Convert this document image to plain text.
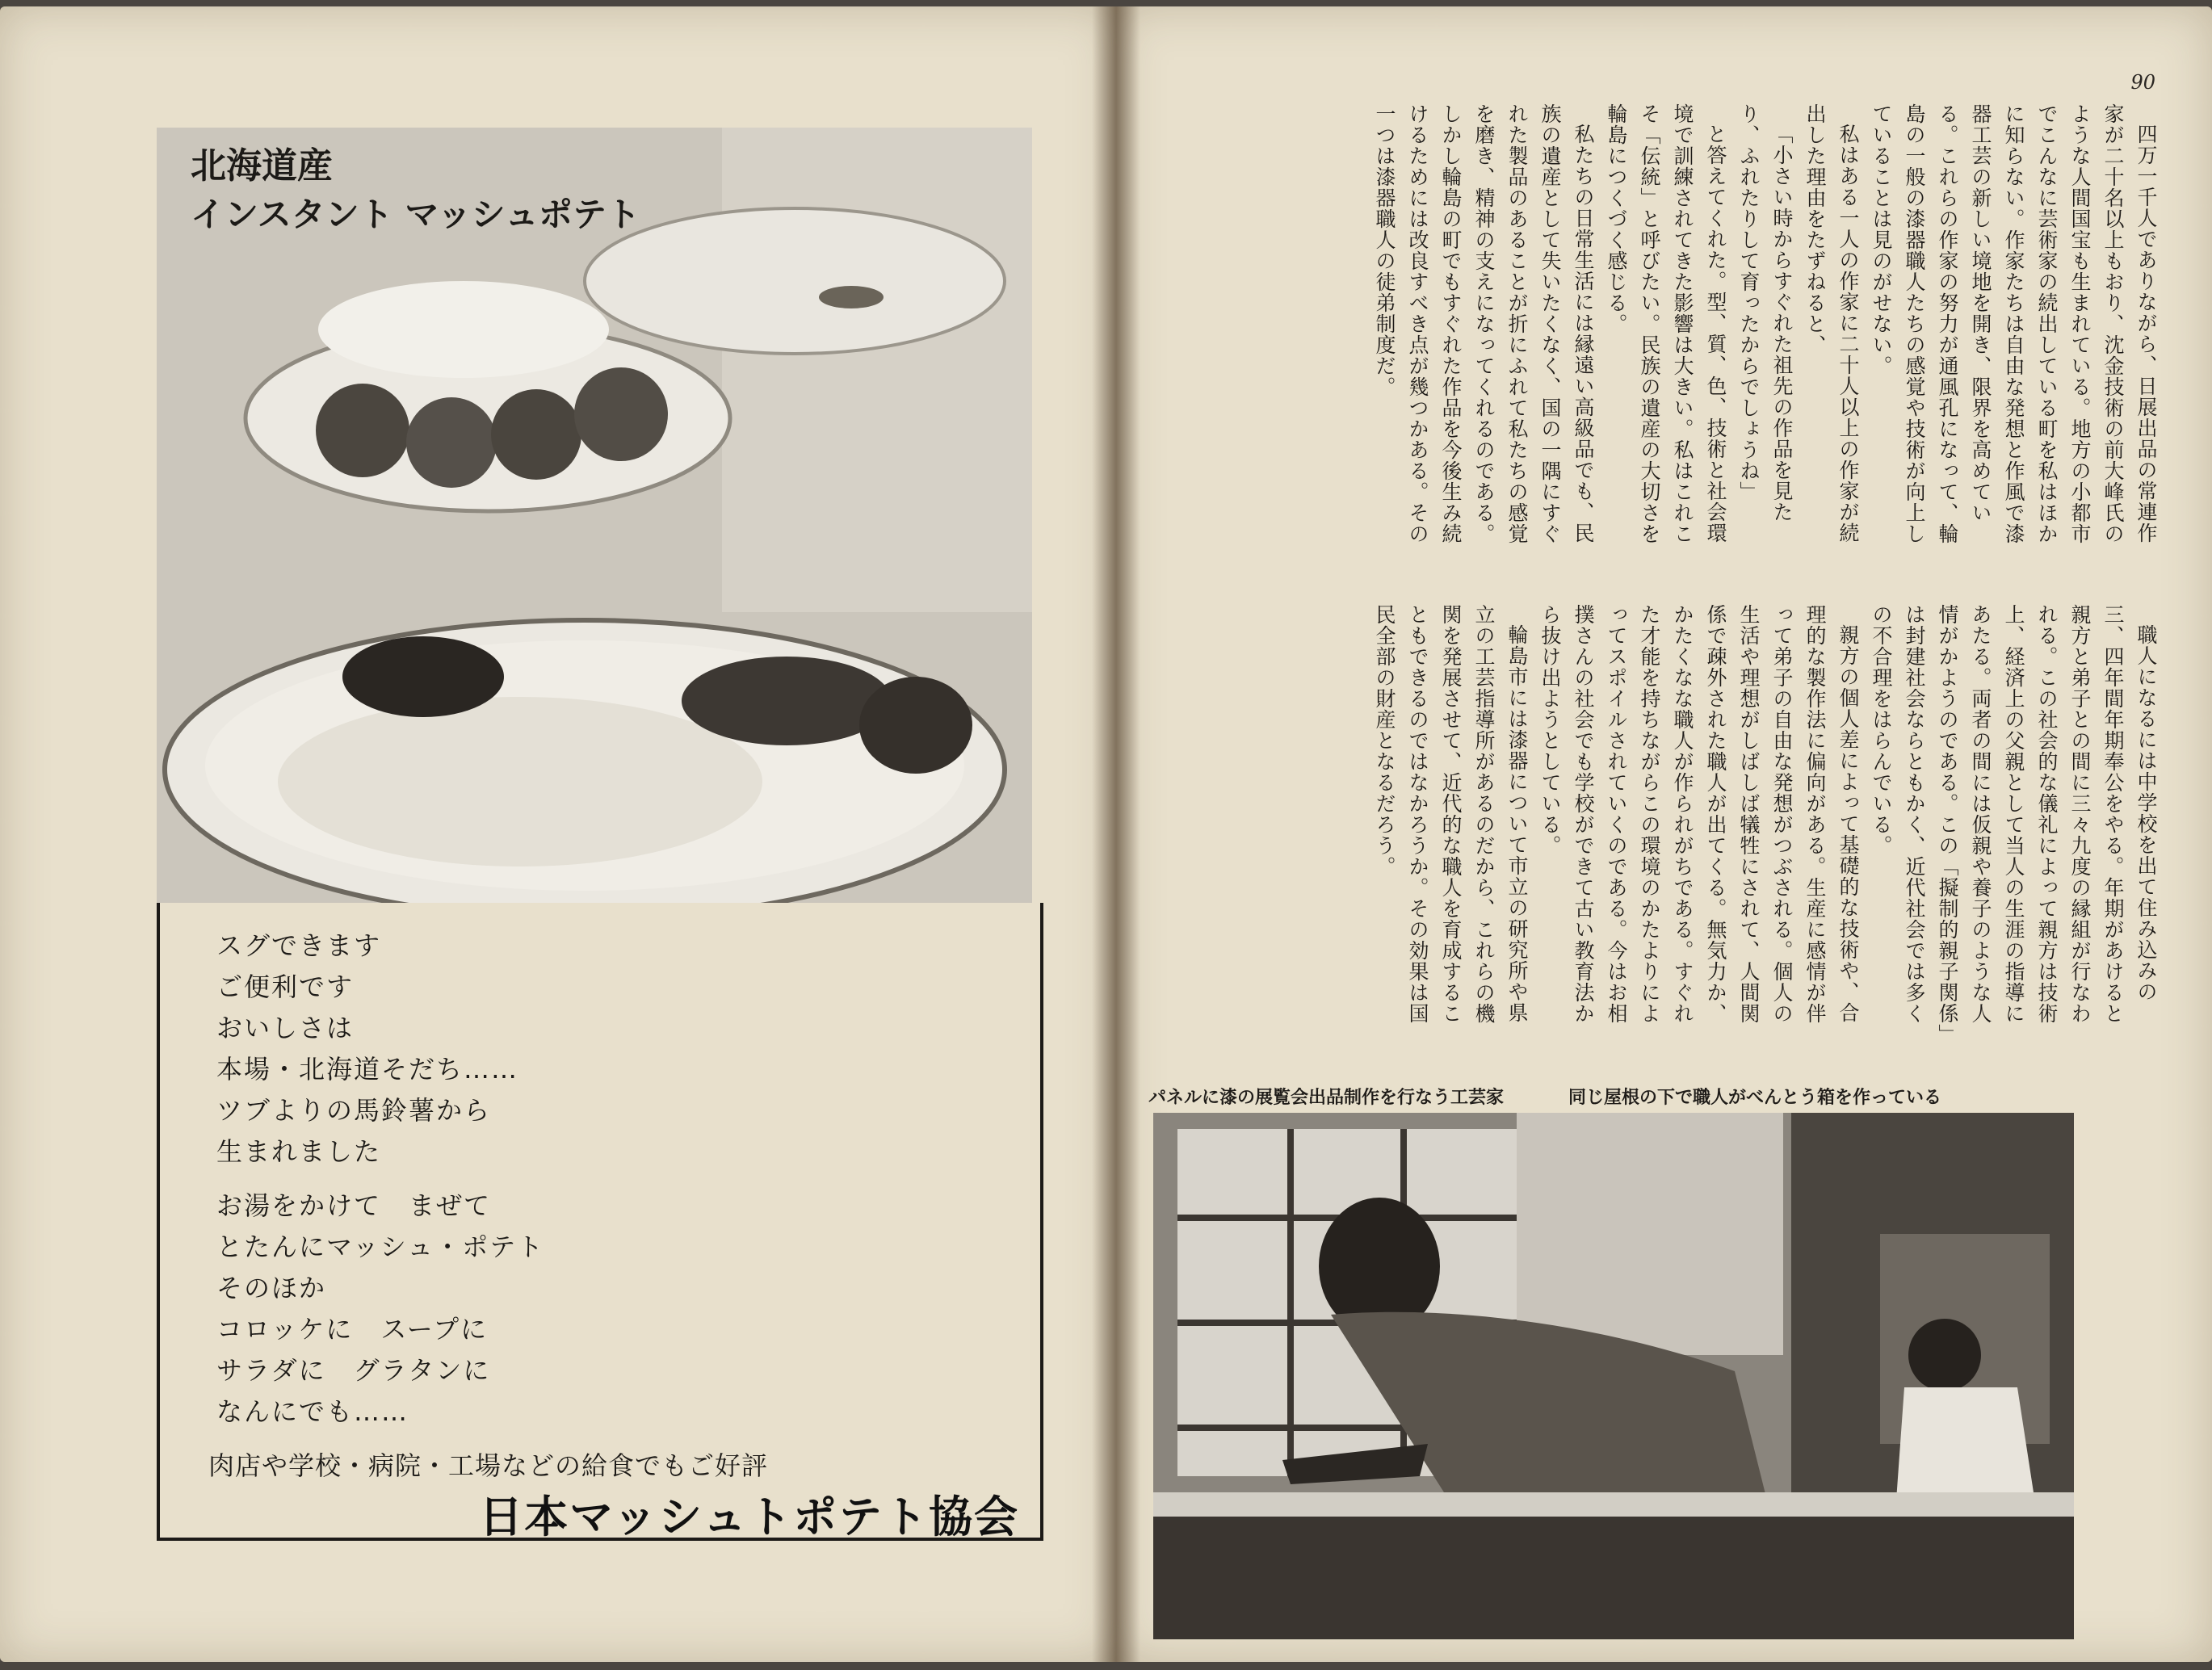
北海道産
インスタント マッシュポテト
スグできます
ご便利です
おいしさは
本場・北海道そだち……
ツブよりの馬鈴薯から
生まれました
お湯をかけて　まぜて
とたんにマッシュ・ポテト
そのほか
コロッケに　スープに
サラダに　グラタンに
なんにでも……
肉店や学校・病院・工場などの給食でもご好評
日本マッシュトポテト協会
90

四万一千人でありながら、日展出品の常連作家が二十名以上もおり、沈金技術の前大峰氏のような人間国宝も生まれている。地方の小都市でこんなに芸術家の続出している町を私はほかに知らない。作家たちは自由な発想と作風で漆器工芸の新しい境地を開き、限界を高めている。これらの作家の努力が通風孔になって、輪島の一般の漆器職人たちの感覚や技術が向上していることは見のがせない。

私はある一人の作家に二十人以上の作家が続出した理由をたずねると、

「小さい時からすぐれた祖先の作品を見たり、ふれたりして育ったからでしょうね」

と答えてくれた。型、質、色、技術と社会環境で訓練されてきた影響は大きい。私はこれこそ「伝統」と呼びたい。民族の遺産の大切さを輪島につくづく感じる。

私たちの日常生活には縁遠い高級品でも、民族の遺産として失いたくなく、国の一隅にすぐれた製品のあることが折にふれて私たちの感覚を磨き、精神の支えになってくれるのである。しかし輪島の町でもすぐれた作品を今後生み続けるためには改良すべき点が幾つかある。その一つは漆器職人の徒弟制度だ。

職人になるには中学校を出て住み込みの三、四年間年期奉公をやる。年期があけると親方と弟子との間に三々九度の縁組が行なわれる。この社会的な儀礼によって親方は技術上、経済上の父親として当人の生涯の指導にあたる。両者の間には仮親や養子のような人情がかようのである。この「擬制的親子関係」は封建社会ならともかく、近代社会では多くの不合理をはらんでいる。

親方の個人差によって基礎的な技術や、合理的な製作法に偏向がある。生産に感情が伴って弟子の自由な発想がつぶされる。個人の生活や理想がしばしば犠牲にされて、人間関係で疎外された職人が出てくる。無気力か、かたくなな職人が作られがちである。すぐれた才能を持ちながらこの環境のかたよりによってスポイルされていくのである。今はお相撲さんの社会でも学校ができて古い教育法から抜け出ようとしている。

輪島市には漆器について市立の研究所や県立の工芸指導所があるのだから、これらの機関を発展させて、近代的な職人を育成することもできるのではなかろうか。その効果は国民全部の財産となるだろう。

パネルに漆の展覧会出品制作を行なう工芸家	同じ屋根の下で職人がべんとう箱を作っている
